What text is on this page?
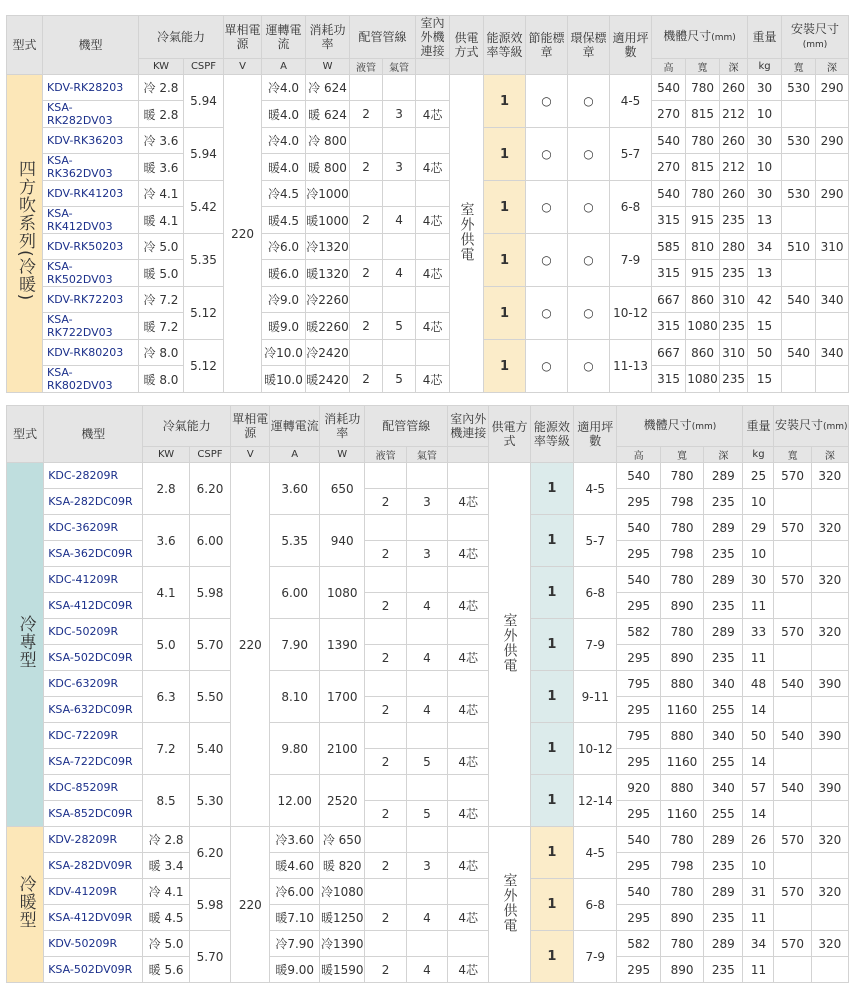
型式	機型	冷氣能力		單相電源	運轉電流	消耗功率	配管管線		室內外機連接	供電方式	能源效率等級	節能標章	環保標章	適用坪數	機體尺寸(mm)			重量	安裝尺寸(mm)	
		KW	CSPF	V	A	W	液管	氣管							高	寬	深	kg	寬	深
四方吹系列(冷暖)	KDV-RK28203	冷 2.8	5.94	220	冷4.0	冷 624				室外供電	1	○	○	4-5	540	780	260	30	530	290
	KSA-RK282DV03	暖 2.8			暖4.0	暖 624	2	3	4芯						270	815	212	10		
	KDV-RK36203	冷 3.6	5.94		冷4.0	冷 800					1	○	○	5-7	540	780	260	30	530	290
	KSA-RK362DV03	暖 3.6			暖4.0	暖 800	2	3	4芯						270	815	212	10		
	KDV-RK41203	冷 4.1	5.42		冷4.5	冷1000					1	○	○	6-8	540	780	260	30	530	290
	KSA-RK412DV03	暖 4.1			暖4.5	暖1000	2	4	4芯						315	915	235	13		
	KDV-RK50203	冷 5.0	5.35		冷6.0	冷1320					1	○	○	7-9	585	810	280	34	510	310
	KSA-RK502DV03	暖 5.0			暖6.0	暖1320	2	4	4芯						315	915	235	13		
	KDV-RK72203	冷 7.2	5.12		冷9.0	冷2260					1	○	○	10-12	667	860	310	42	540	340
	KSA-RK722DV03	暖 7.2			暖9.0	暖2260	2	5	4芯						315	1080	235	15		
	KDV-RK80203	冷 8.0	5.12		冷10.0	冷2420					1	○	○	11-13	667	860	310	50	540	340
	KSA-RK802DV03	暖 8.0			暖10.0	暖2420	2	5	4芯						315	1080	235	15		
型式	機型	冷氣能力		單相電源	運轉電流	消耗功率	配管管線		室內外機連接	供電方式	能源效率等級	適用坪數	機體尺寸(mm)			重量	安裝尺寸(mm)	
		KW	CSPF	V	A	W	液管	氣管					高	寬	深	kg	寬	深
冷專型	KDC-28209R	2.8	6.20	220	3.60	650				室外供電	1	4-5	540	780	289	25	570	320
	KSA-282DC09R						2	3	4芯				295	798	235	10		
	KDC-36209R	3.6	6.00		5.35	940					1	5-7	540	780	289	29	570	320
	KSA-362DC09R						2	3	4芯				295	798	235	10		
	KDC-41209R	4.1	5.98		6.00	1080					1	6-8	540	780	289	30	570	320
	KSA-412DC09R						2	4	4芯				295	890	235	11		
	KDC-50209R	5.0	5.70		7.90	1390					1	7-9	582	780	289	33	570	320
	KSA-502DC09R						2	4	4芯				295	890	235	11		
	KDC-63209R	6.3	5.50		8.10	1700					1	9-11	795	880	340	48	540	390
	KSA-632DC09R						2	4	4芯				295	1160	255	14		
	KDC-72209R	7.2	5.40		9.80	2100					1	10-12	795	880	340	50	540	390
	KSA-722DC09R						2	5	4芯				295	1160	255	14		
	KDC-85209R	8.5	5.30		12.00	2520					1	12-14	920	880	340	57	540	390
	KSA-852DC09R						2	5	4芯				295	1160	255	14		
冷暖型	KDV-28209R	冷 2.8	6.20	220	冷3.60	冷 650				室外供電	1	4-5	540	780	289	26	570	320
	KSA-282DV09R	暖 3.4			暖4.60	暖 820	2	3	4芯				295	798	235	10		
	KDV-41209R	冷 4.1	5.98		冷6.00	冷1080					1	6-8	540	780	289	31	570	320
	KSA-412DV09R	暖 4.5			暖7.10	暖1250	2	4	4芯				295	890	235	11		
	KDV-50209R	冷 5.0	5.70		冷7.90	冷1390					1	7-9	582	780	289	34	570	320
	KSA-502DV09R	暖 5.6			暖9.00	暖1590	2	4	4芯				295	890	235	11		
